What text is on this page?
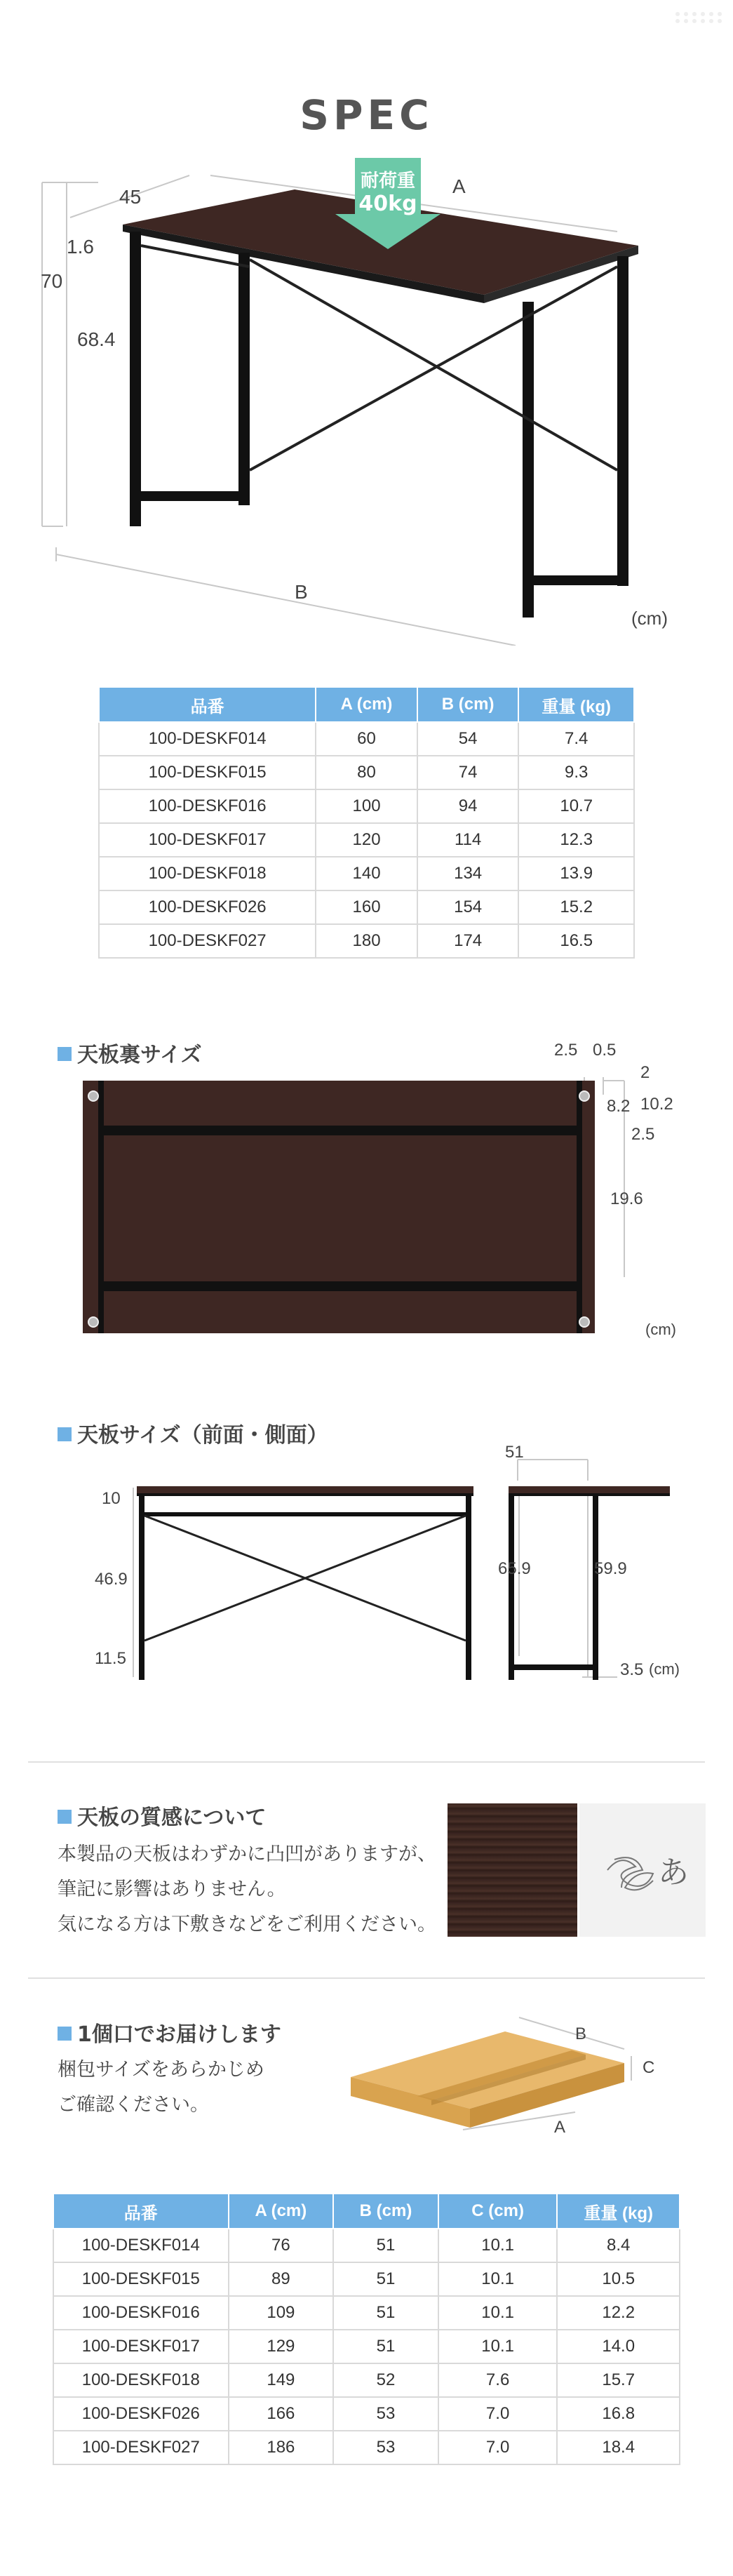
SPEC
耐荷重
40kg
A
B
45
1.6
70
68.4
(cm)
品番	A (cm)	B (cm)	重量 (kg)
100-DESKF014	60	54	7.4
100-DESKF015	80	74	9.3
100-DESKF016	100	94	10.7
100-DESKF017	120	114	12.3
100-DESKF018	140	134	13.9
100-DESKF026	160	154	15.2
100-DESKF027	180	174	16.5
天板裏サイズ	2.5 0.5
2
10.2
8.2
2.5
19.6
(cm)
天板サイズ（前面・側面）
51
10
46.9
11.5
65.9	59.9
3.5 (cm)
天板の質感について
本製品の天板はわずかに凸凹がありますが、
筆記に影響はありません。
気になる方は下敷きなどをご利用ください。
あ
1個口でお届けします
梱包サイズをあらかじめ
ご確認ください。
B
C
A
品番	A (cm)	B (cm)	C (cm)	重量 (kg)
100-DESKF014	76	51	10.1	8.4
100-DESKF015	89	51	10.1	10.5
100-DESKF016	109	51	10.1	12.2
100-DESKF017	129	51	10.1	14.0
100-DESKF018	149	52	7.6	15.7
100-DESKF026	166	53	7.0	16.8
100-DESKF027	186	53	7.0	18.4
